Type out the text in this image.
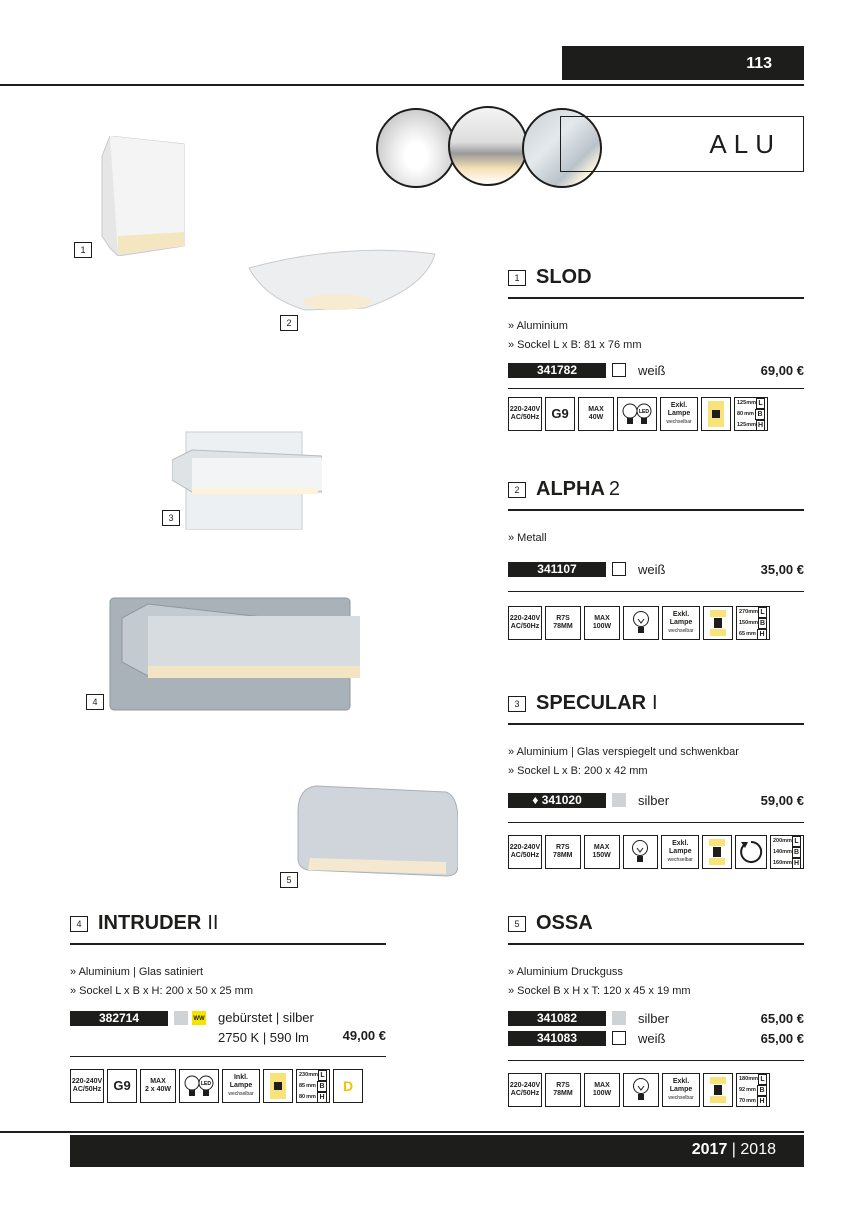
113
ALU
1
2
3
4
5
1 SLOD
» Aluminium
» Sockel L x B: 81 x 76 mm
341782	weiß	69,00 €
220-240V
AC/50Hz G9	MAX
40W
LED
Exkl.
Lampe
wechselbar
125 mm L
80 mm B
125 mm H
2 ALPHA 2
» Metall
341107	weiß	35,00 €
220-240V
AC/50Hz
R7S
78MM
MAX
100W
Exkl.
Lampe
wechselbar
270 mm L
150 mm B
65 mm H
3 SPECULAR I
» Aluminium | Glas verspiegelt und schwenkbar
» Sockel L x B: 200 x 42 mm
♦ 341020	silber	59,00 €
220-240V
AC/50Hz
R7S
78MM
MAX
150W
Exkl.
Lampe
wechselbar
200 mm L
140 mm B
160 mm H
4 INTRUDER II
» Aluminium | Glas satiniert
» Sockel L x B x H: 200 x 50 x 25 mm
382714	WW gebürstet | silber
2750 K | 590 lm	49,00 €
220-240V
AC/50Hz G9	MAX
2 x 40W
LED
Inkl.
Lampe
wechselbar
230 mm L
85 mm B
80 mm H
D
5 OSSA
» Aluminium Druckguss
» Sockel B x H x T: 120 x 45 x 19 mm
341082	silber	65,00 €
341083	weiß	65,00 €
220-240V
AC/50Hz
R7S
78MM
MAX
100W
Exkl.
Lampe
wechselbar
180 mm L
92 mm B
70 mm H
2017 | 2018
